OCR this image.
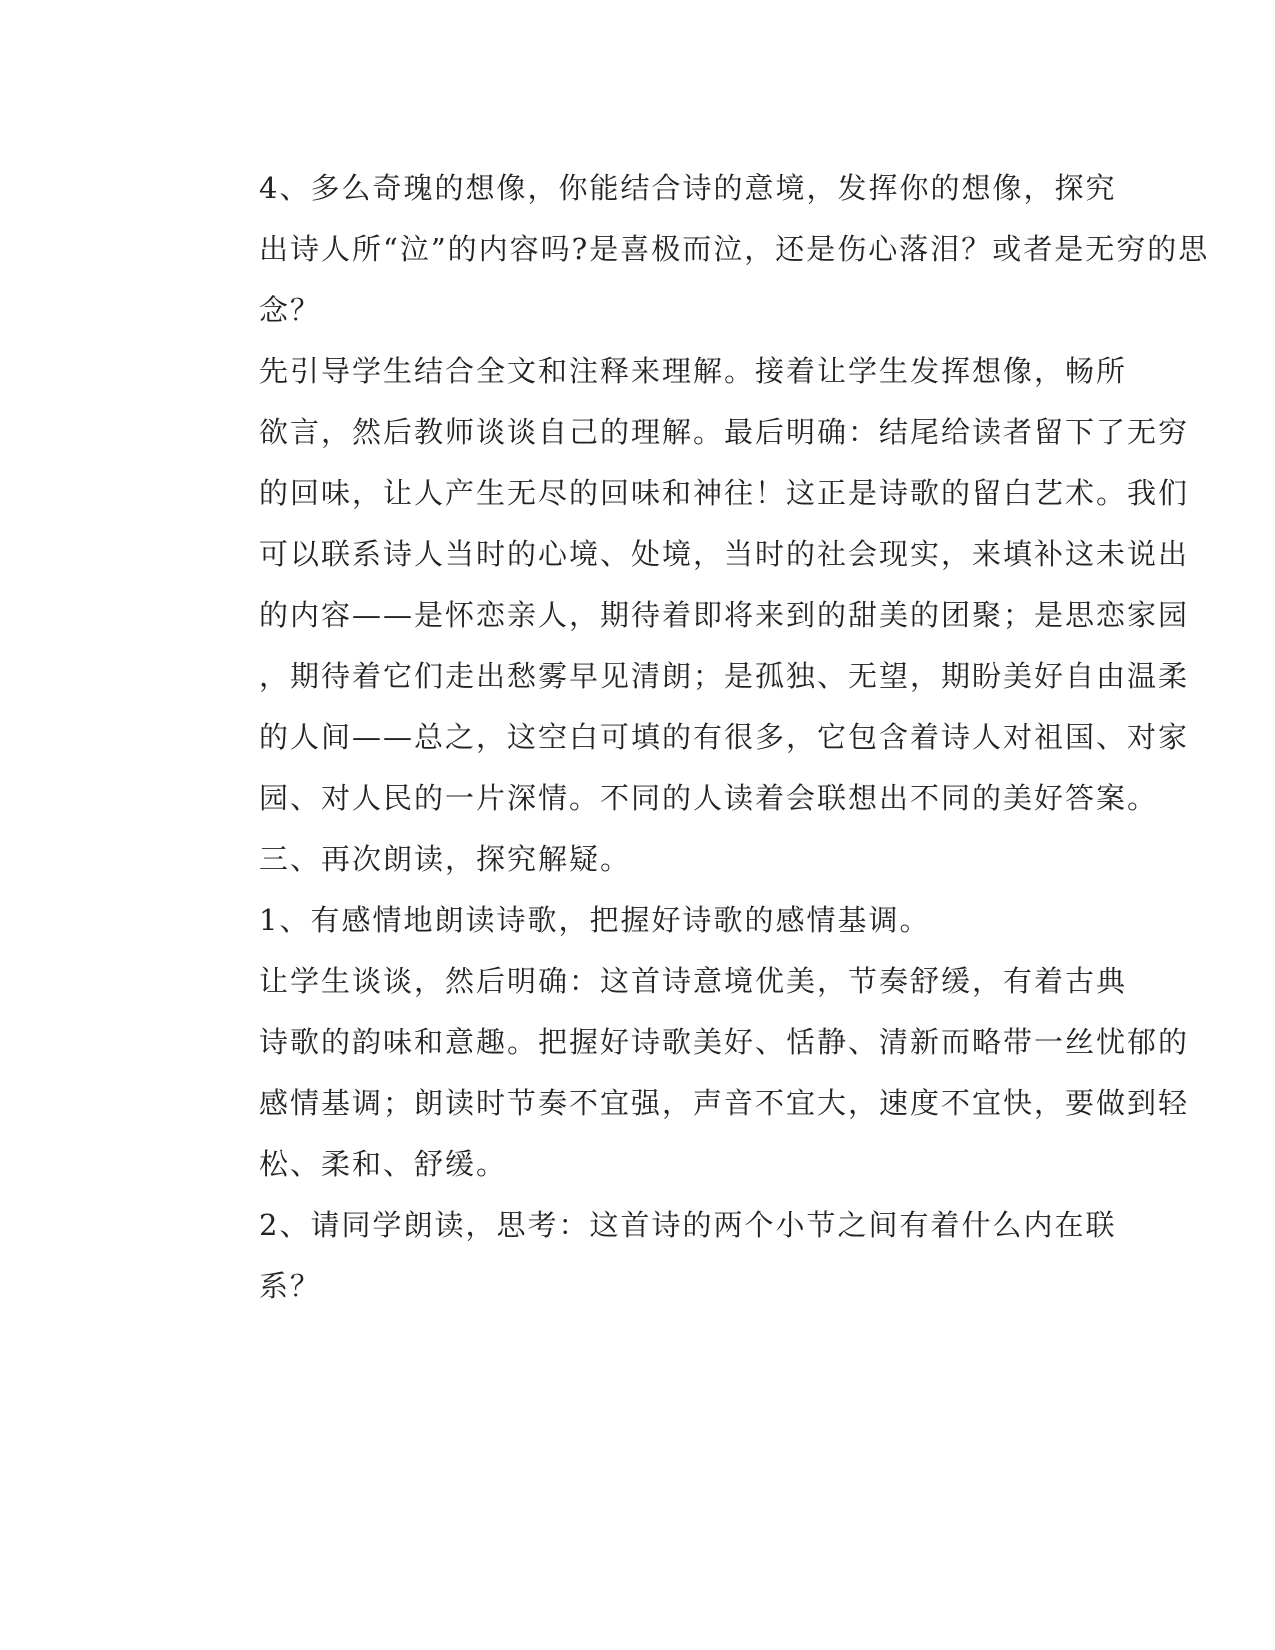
4、多么奇瑰的想像，你能结合诗的意境，发挥你的想像，探究
出诗人所“泣”的内容吗?是喜极而泣，还是伤心落泪？或者是无穷的思
念？
先引导学生结合全文和注释来理解。接着让学生发挥想像，畅所
欲言，然后教师谈谈自己的理解。最后明确：结尾给读者留下了无穷
的回味，让人产生无尽的回味和神往！这正是诗歌的留白艺术。我们
可以联系诗人当时的心境、处境，当时的社会现实，来填补这未说出
的内容——是怀恋亲人，期待着即将来到的甜美的团聚；是思恋家园
，期待着它们走出愁雾早见清朗；是孤独、无望，期盼美好自由温柔
的人间——总之，这空白可填的有很多，它包含着诗人对祖国、对家
园、对人民的一片深情。不同的人读着会联想出不同的美好答案。
三、再次朗读，探究解疑。
1、有感情地朗读诗歌，把握好诗歌的感情基调。
让学生谈谈，然后明确：这首诗意境优美，节奏舒缓，有着古典
诗歌的韵味和意趣。把握好诗歌美好、恬静、清新而略带一丝忧郁的
感情基调；朗读时节奏不宜强，声音不宜大，速度不宜快，要做到轻
松、柔和、舒缓。
2、请同学朗读，思考：这首诗的两个小节之间有着什么内在联
系？
